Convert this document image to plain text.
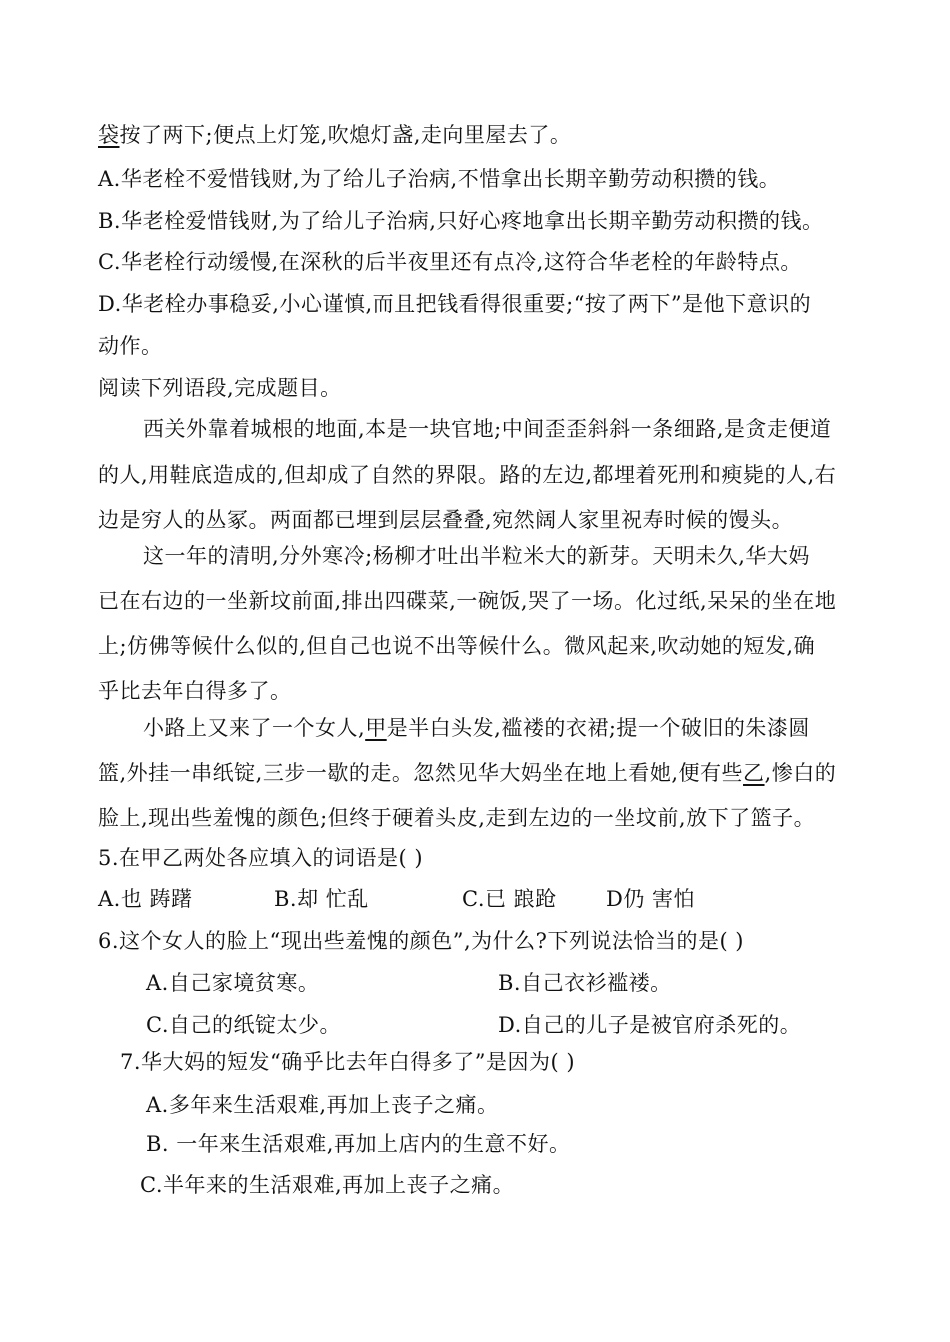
袋按了两下;便点上灯笼,吹熄灯盏,走向里屋去了。
A.华老栓不爱惜钱财,为了给儿子治病,不惜拿出长期辛勤劳动积攒的钱。
B.华老栓爱惜钱财,为了给儿子治病,只好心疼地拿出长期辛勤劳动积攒的钱。
C.华老栓行动缓慢,在深秋的后半夜里还有点冷,这符合华老栓的年龄特点。
D.华老栓办事稳妥,小心谨慎,而且把钱看得很重要;“按了两下”是他下意识的
动作。
阅读下列语段,完成题目。
西关外靠着城根的地面,本是一块官地;中间歪歪斜斜一条细路,是贪走便道
的人,用鞋底造成的,但却成了自然的界限。路的左边,都埋着死刑和瘐毙的人,右
边是穷人的丛冢。两面都已埋到层层叠叠,宛然阔人家里祝寿时候的馒头。
这一年的清明,分外寒冷;杨柳才吐出半粒米大的新芽。天明未久,华大妈
已在右边的一坐新坟前面,排出四碟菜,一碗饭,哭了一场。化过纸,呆呆的坐在地
上;仿佛等候什么似的,但自己也说不出等候什么。微风起来,吹动她的短发,确
乎比去年白得多了。
小路上又来了一个女人,甲是半白头发,褴褛的衣裙;提一个破旧的朱漆圆
篮,外挂一串纸锭,三步一歇的走。忽然见华大妈坐在地上看她,便有些乙,惨白的
脸上,现出些羞愧的颜色;但终于硬着头皮,走到左边的一坐坟前,放下了篮子。
5.在甲乙两处各应填入的词语是( )
A.也 踌躇	B.却 忙乱	C.已 踉跄 D仍 害怕
6.这个女人的脸上“现出些羞愧的颜色”,为什么?下列说法恰当的是( )
A.自己家境贫寒。	B.自己衣衫褴褛。
C.自己的纸锭太少。	D.自己的儿子是被官府杀死的。
7.华大妈的短发“确乎比去年白得多了”是因为( )
A.多年来生活艰难,再加上丧子之痛。
B. 一年来生活艰难,再加上店内的生意不好。
C.半年来的生活艰难,再加上丧子之痛。
